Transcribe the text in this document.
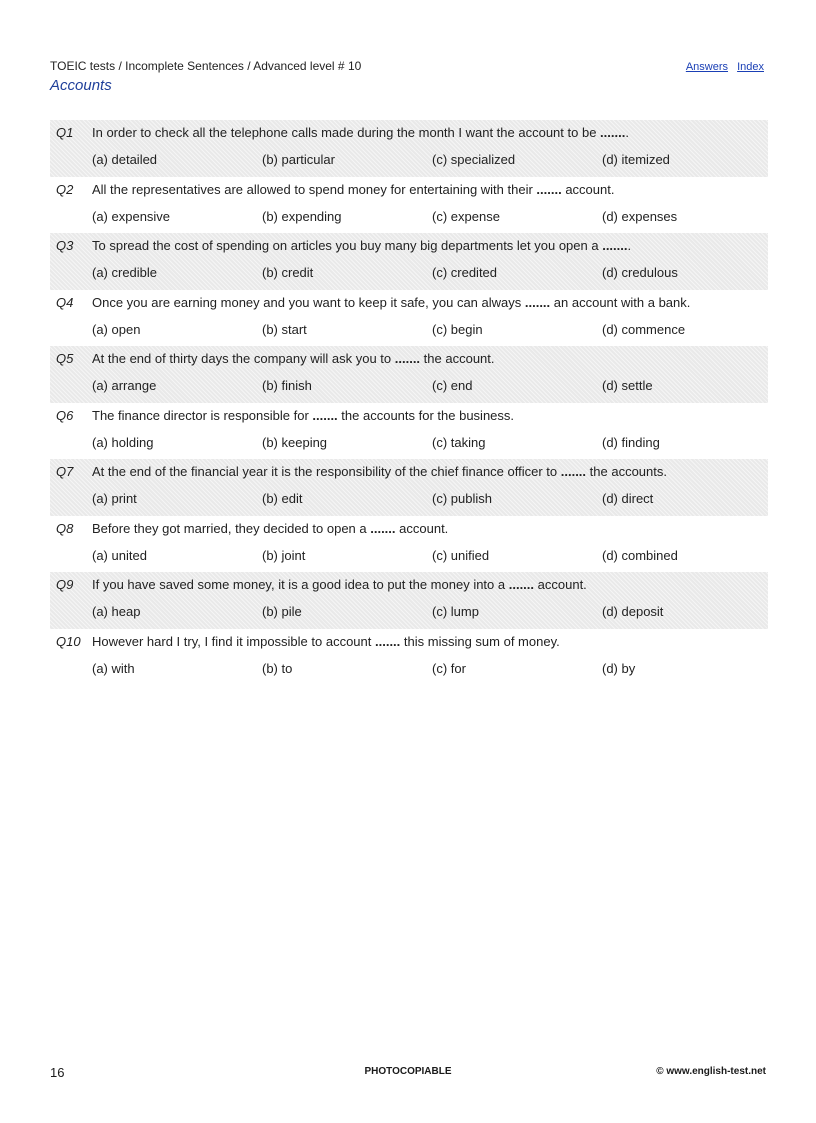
TOEIC tests / Incomplete Sentences / Advanced level # 10
Accounts
Answers Index
Q1 In order to check all the telephone calls made during the month I want the account to be ........
(a) detailed	(b) particular	(c) specialized	(d) itemized
Q2 All the representatives are allowed to spend money for entertaining with their ....... account.
(a) expensive	(b) expending	(c) expense	(d) expenses
Q3 To spread the cost of spending on articles you buy many big departments let you open a ........
(a) credible	(b) credit	(c) credited	(d) credulous
Q4 Once you are earning money and you want to keep it safe, you can always ....... an account with a bank.
(a) open	(b) start	(c) begin	(d) commence
Q5 At the end of thirty days the company will ask you to ....... the account.
(a) arrange	(b) finish	(c) end	(d) settle
Q6 The finance director is responsible for ....... the accounts for the business.
(a) holding	(b) keeping	(c) taking	(d) finding
Q7 At the end of the financial year it is the responsibility of the chief finance officer to ....... the accounts.
(a) print	(b) edit	(c) publish	(d) direct
Q8 Before they got married, they decided to open a ....... account.
(a) united	(b) joint	(c) unified	(d) combined
Q9 If you have saved some money, it is a good idea to put the money into a ....... account.
(a) heap	(b) pile	(c) lump	(d) deposit
Q10 However hard I try, I find it impossible to account ....... this missing sum of money.
(a) with	(b) to	(c) for	(d) by
16	PHOTOCOPIABLE	© www.english-test.net
